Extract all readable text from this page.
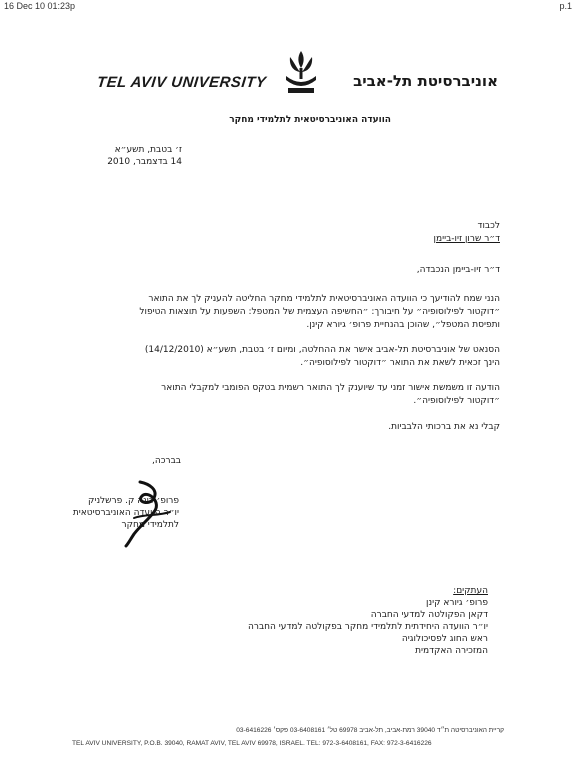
16 Dec 10 01:23p	p.1
TEL AVIV UNIVERSITY	אוניברסיטת תל-אביב
הוועדה האוניברסיטאית לתלמידי מחקר
ז׳ בטבת, תשע״א
14 בדצמבר, 2010
לכבוד
ד״ר שרון זיו-ביימן
ד״ר זיו-ביימן הנכבדה,
הנני שמח להודיעך כי הוועדה האוניברסיטאית לתלמידי מחקר החליטה להעניק לך את התואר
״דוקטור לפילוסופיה״ על חיבורך: ״החשיפה העצמית של המטפל: השפעות על תוצאות הטיפול
ותפיסת המטפל״, שהוכן בהנחיית פרופ׳ גיורא קינן.
הסנאט של אוניברסיטת תל-אביב אישר את ההחלטה, ומיום ז׳ בטבת, תשע״א (14/12/2010)
הינך זכאית לשאת את התואר ״דוקטור לפילוסופיה״.
הודעה זו משמשת אישור זמני עד שיוענק לך התואר רשמית בטקס הפומבי למקבלי התואר
״דוקטור לפילוסופיה״.
קבלי נא את ברכותי הלבביות.
בברכה,
פרופ׳ דינה ק. פרשלניק
יו״ר הוועדה האוניברסיטאית
לתלמידי מחקר
העתקים:
פרופ׳ גיורא קינן
דקאן הפקולטה למדעי החברה
יו״ר הוועדה היחידתית לתלמידי מחקר בפקולטה למדעי החברה
ראש החוג לפסיכולוגיה
המזכירה האקדמית
קריית האוניברסיטה ת״ד 39040 רמת-אביב, תל-אביב 69978 טל׳ 03-6408161 פקס׳ 03-6416226
TEL AVIV UNIVERSITY, P.O.B. 39040, RAMAT AVIV, TEL AVIV 69978, ISRAEL. TEL: 972-3-6408161, FAX: 972-3-6416226
